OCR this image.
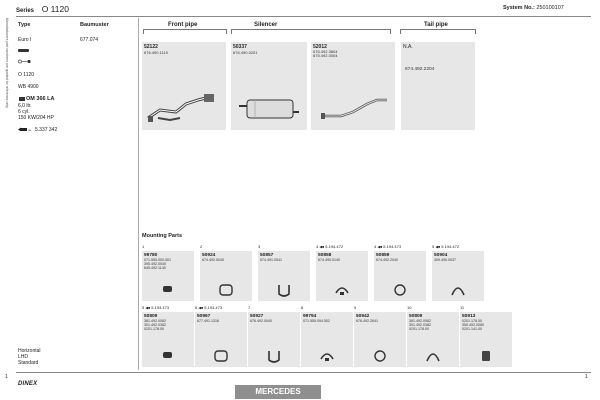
Manufacturers part numbers are quoted for reference only
Series O 1120	System No.: 250100107
Type	Baumuster
Euro I	677.074
O 1120
WB 4900
OM 366 LA
6,0 ltr.
6 cyl.
150 KW/204 HP
no 5.337 342
Front pipe	Silencer	Tail pipe
52122
676.490.1119
50337
676.490.0201
52012
676.492.3804
675.492.0004
N.A.
674.492.2204
Mounting Parts
1
99780
071.555.000.501
395.492.0040
645.492.1140
2
50924
674.492.0040
3
50857
674.491.0541
4 ◀■ 5.194.472
50858
674.490.0140
4 ◀■ 5.194.473
50859
674.492.2040
5 ◀■ 5.194.472
50904
309.490.0037
5 ◀■ 5.194.473
50809
381.492.0082
301.492.0382
0201.178.00
6 ◀■ 5.194.473
50967
677.491.1316
7
50927
676.492.0040
8
99794
071.555.094.502
9
50942
676.492.2641
10
50809
381.492.0082
301.492.0382
0201.178.00
11
50913
0201.178.00
350.492.0080
0201.141.00
Horizontal
LHD
Standard
1	1
DINEX
MERCEDES
